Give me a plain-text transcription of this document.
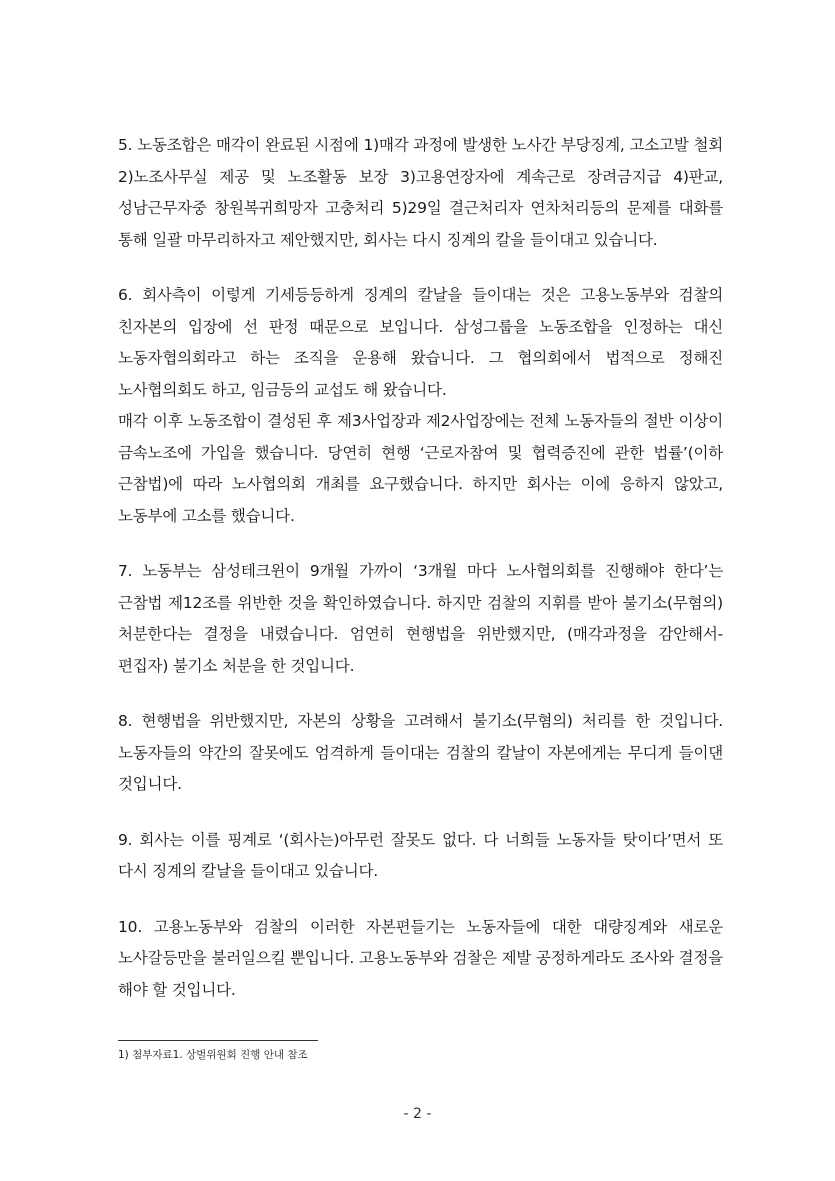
5. 노동조합은 매각이 완료된 시점에 1)매각 과정에 발생한 노사간 부당징계, 고소고발 철회 2)노조사무실 제공 및 노조활동 보장 3)고용연장자에 계속근로 장려금지급 4)판교, 성남근무자중 창원복귀희망자 고충처리 5)29일 결근처리자 연차처리등의 문제를 대화를 통해 일괄 마무리하자고 제안했지만, 회사는 다시 징계의 칼을 들이대고 있습니다.

6. 회사측이 이렇게 기세등등하게 징계의 칼날을 들이대는 것은 고용노동부와 검찰의 친자본의 입장에 선 판정 때문으로 보입니다. 삼성그룹을 노동조합을 인정하는 대신 노동자협의회라고 하는 조직을 운용해 왔습니다. 그 협의회에서 법적으로 정해진 노사협의회도 하고, 임금등의 교섭도 해 왔습니다.
매각 이후 노동조합이 결성된 후 제3사업장과 제2사업장에는 전체 노동자들의 절반 이상이 금속노조에 가입을 했습니다. 당연히 현행 ‘근로자참여 및 협력증진에 관한 법률’(이하 근참법)에 따라 노사협의회 개최를 요구했습니다. 하지만 회사는 이에 응하지 않았고, 노동부에 고소를 했습니다.

7. 노동부는 삼성테크윈이 9개월 가까이 ‘3개월 마다 노사협의회를 진행해야 한다’는 근참법 제12조를 위반한 것을 확인하였습니다. 하지만 검찰의 지휘를 받아 불기소(무혐의) 처분한다는 결정을 내렸습니다. 엄연히 현행법을 위반했지만, (매각과정을 감안해서- 편집자) 불기소 처분을 한 것입니다.

8. 현행법을 위반했지만, 자본의 상황을 고려해서 불기소(무혐의) 처리를 한 것입니다. 노동자들의 약간의 잘못에도 엄격하게 들이대는 검찰의 칼날이 자본에게는 무디게 들이댄 것입니다.

9. 회사는 이를 핑계로 ‘(회사는)아무런 잘못도 없다. 다 너희들 노동자들 탓이다’면서 또 다시 징계의 칼날을 들이대고 있습니다.

10. 고용노동부와 검찰의 이러한 자본편들기는 노동자들에 대한 대량징계와 새로운 노사갈등만을 불러일으킬 뿐입니다. 고용노동부와 검찰은 제발 공정하게라도 조사와 결정을 해야 할 것입니다.

1) 첨부자료1. 상벌위원회 진행 안내 참조
- 2 -
